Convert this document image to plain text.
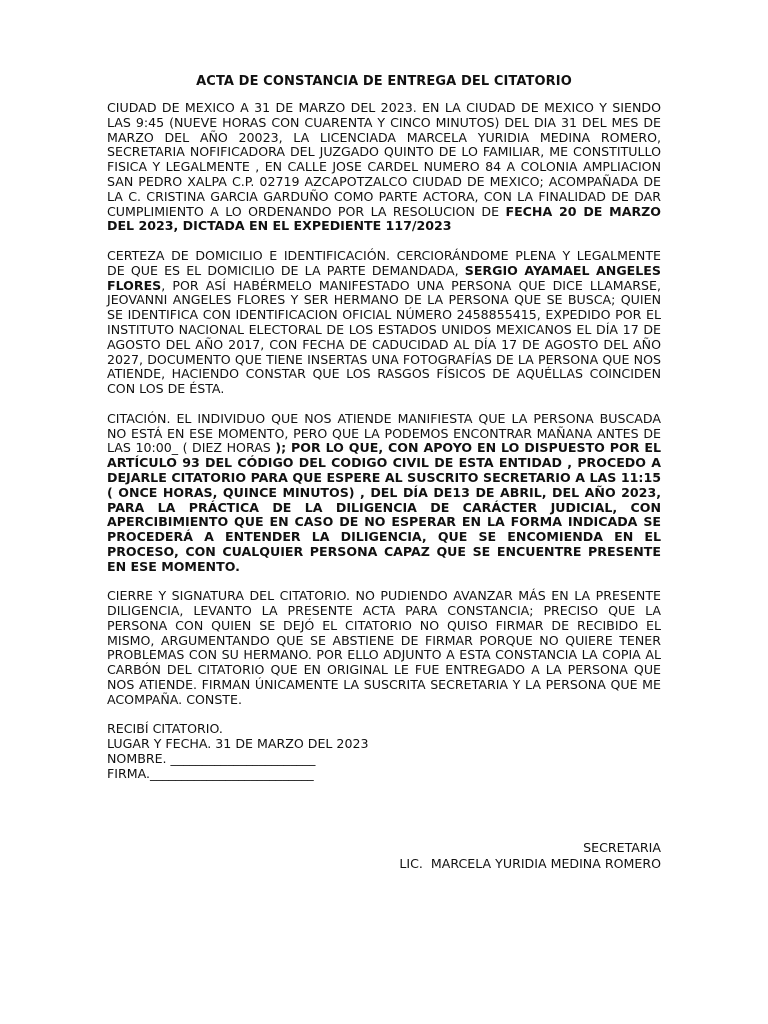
ACTA DE CONSTANCIA DE ENTREGA DEL CITATORIO

CIUDAD DE MEXICO A 31 DE MARZO DEL 2023. EN LA CIUDAD DE MEXICO Y SIENDO LAS 9:45 (NUEVE HORAS CON CUARENTA Y CINCO MINUTOS) DEL DIA 31 DEL MES DE MARZO DEL AÑO 20023, LA LICENCIADA MARCELA YURIDIA MEDINA ROMERO, SECRETARIA NOFIFICADORA DEL JUZGADO QUINTO DE LO FAMILIAR, ME CONSTITULLO FISICA Y LEGALMENTE , EN CALLE JOSE CARDEL NUMERO 84 A COLONIA AMPLIACION SAN PEDRO XALPA C.P. 02719 AZCAPOTZALCO CIUDAD DE MEXICO; ACOMPAÑADA DE LA C. CRISTINA GARCIA GARDUÑO COMO PARTE ACTORA, CON LA FINALIDAD DE DAR CUMPLIMIENTO A LO ORDENANDO POR LA RESOLUCION DE FECHA 20 DE MARZO DEL 2023, DICTADA EN EL EXPEDIENTE 117/2023

CERTEZA DE DOMICILIO E IDENTIFICACIÓN. CERCIORÁNDOME PLENA Y LEGALMENTE DE QUE ES EL DOMICILIO DE LA PARTE DEMANDADA, SERGIO AYAMAEL ANGELES FLORES, POR ASÍ HABÉRMELO MANIFESTADO UNA PERSONA QUE DICE LLAMARSE, JEOVANNI ANGELES FLORES Y SER HERMANO DE LA PERSONA QUE SE BUSCA; QUIEN SE IDENTIFICA CON IDENTIFICACION OFICIAL NÚMERO 2458855415, EXPEDIDO POR EL INSTITUTO NACIONAL ELECTORAL DE LOS ESTADOS UNIDOS MEXICANOS EL DÍA 17 DE AGOSTO DEL AÑO 2017, CON FECHA DE CADUCIDAD AL DÍA 17 DE AGOSTO DEL AÑO 2027, DOCUMENTO QUE TIENE INSERTAS UNA FOTOGRAFÍAS DE LA PERSONA QUE NOS ATIENDE, HACIENDO CONSTAR QUE LOS RASGOS FÍSICOS DE AQUÉLLAS COINCIDEN CON LOS DE ÉSTA.

CITACIÓN. EL INDIVIDUO QUE NOS ATIENDE MANIFIESTA QUE LA PERSONA BUSCADA NO ESTÁ EN ESE MOMENTO, PERO QUE LA PODEMOS ENCONTRAR MAÑANA ANTES DE LAS 10:00_ ( DIEZ HORAS ); POR LO QUE, CON APOYO EN LO DISPUESTO POR EL ARTÍCULO 93 DEL CÓDIGO DEL CODIGO CIVIL DE ESTA ENTIDAD , PROCEDO A DEJARLE CITATORIO PARA QUE ESPERE AL SUSCRITO SECRETARIO A LAS 11:15 ( ONCE HORAS, QUINCE MINUTOS) , DEL DÍA DE13 DE ABRIL, DEL AÑO 2023, PARA LA PRÁCTICA DE LA DILIGENCIA DE CARÁCTER JUDICIAL, CON APERCIBIMIENTO QUE EN CASO DE NO ESPERAR EN LA FORMA INDICADA SE PROCEDERÁ A ENTENDER LA DILIGENCIA, QUE SE ENCOMIENDA EN EL PROCESO, CON CUALQUIER PERSONA CAPAZ QUE SE ENCUENTRE PRESENTE EN ESE MOMENTO.

CIERRE Y SIGNATURA DEL CITATORIO. NO PUDIENDO AVANZAR MÁS EN LA PRESENTE DILIGENCIA, LEVANTO LA PRESENTE ACTA PARA CONSTANCIA; PRECISO QUE LA PERSONA CON QUIEN SE DEJÓ EL CITATORIO NO QUISO FIRMAR DE RECIBIDO EL MISMO, ARGUMENTANDO QUE SE ABSTIENE DE FIRMAR PORQUE NO QUIERE TENER PROBLEMAS CON SU HERMANO. POR ELLO ADJUNTO A ESTA CONSTANCIA LA COPIA AL CARBÓN DEL CITATORIO QUE EN ORIGINAL LE FUE ENTREGADO A LA PERSONA QUE NOS ATIENDE. FIRMAN ÚNICAMENTE LA SUSCRITA SECRETARIA Y LA PERSONA QUE ME ACOMPAÑA. CONSTE.

RECIBÍ CITATORIO.
LUGAR Y FECHA. 31 DE MARZO DEL 2023
NOMBRE. _______________________
FIRMA.__________________________
SECRETARIA
LIC.  MARCELA YURIDIA MEDINA ROMERO
